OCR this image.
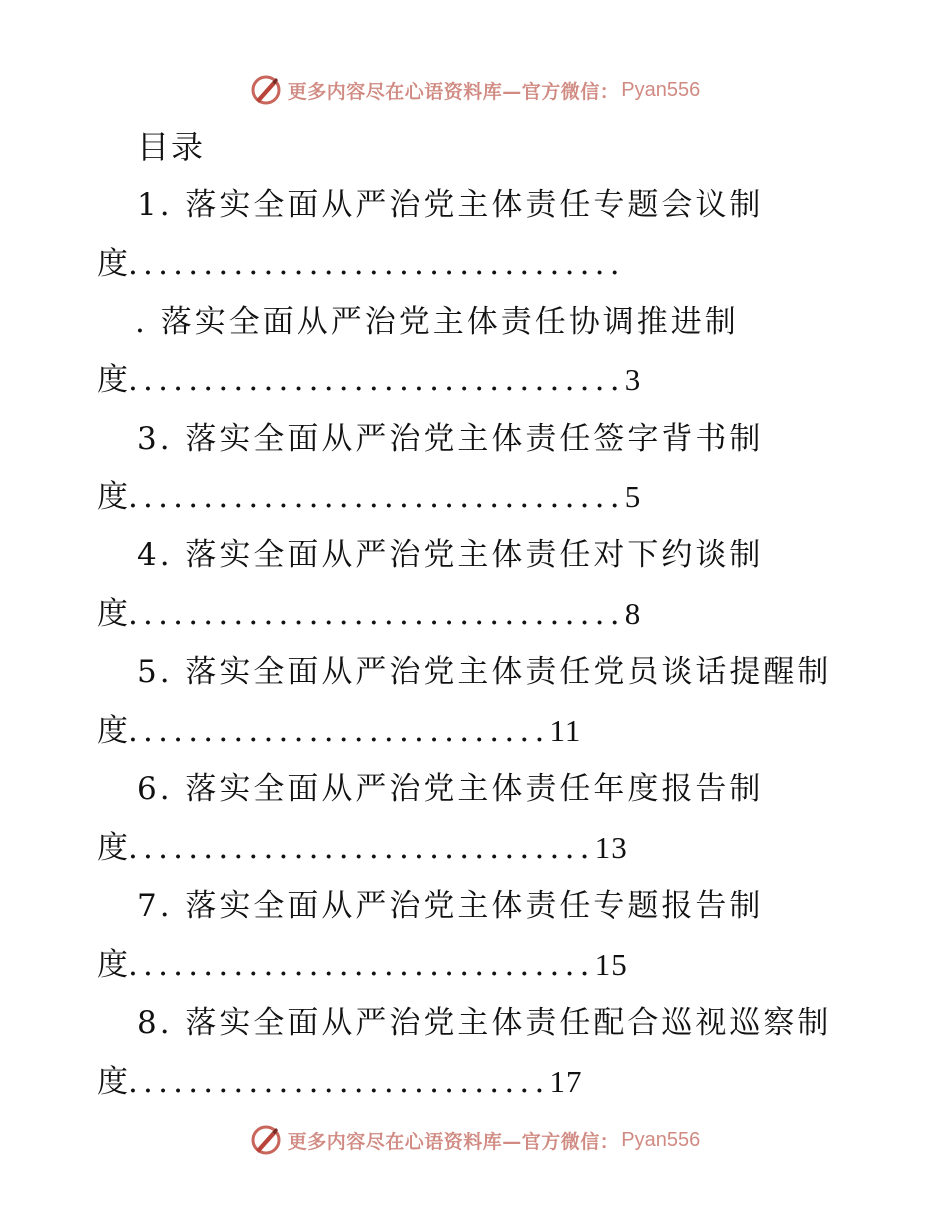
更多内容尽在心语资料库—官方微信： Pyan556
目录
1. 落实全面从严治党主体责任专题会议制
度.................................
. 落实全面从严治党主体责任协调推进制
度.................................3
3. 落实全面从严治党主体责任签字背书制
度.................................5
4. 落实全面从严治党主体责任对下约谈制
度.................................8
5. 落实全面从严治党主体责任党员谈话提醒制
度............................11
6. 落实全面从严治党主体责任年度报告制
度...............................13
7. 落实全面从严治党主体责任专题报告制
度...............................15
8. 落实全面从严治党主体责任配合巡视巡察制
度............................17
更多内容尽在心语资料库—官方微信： Pyan556
